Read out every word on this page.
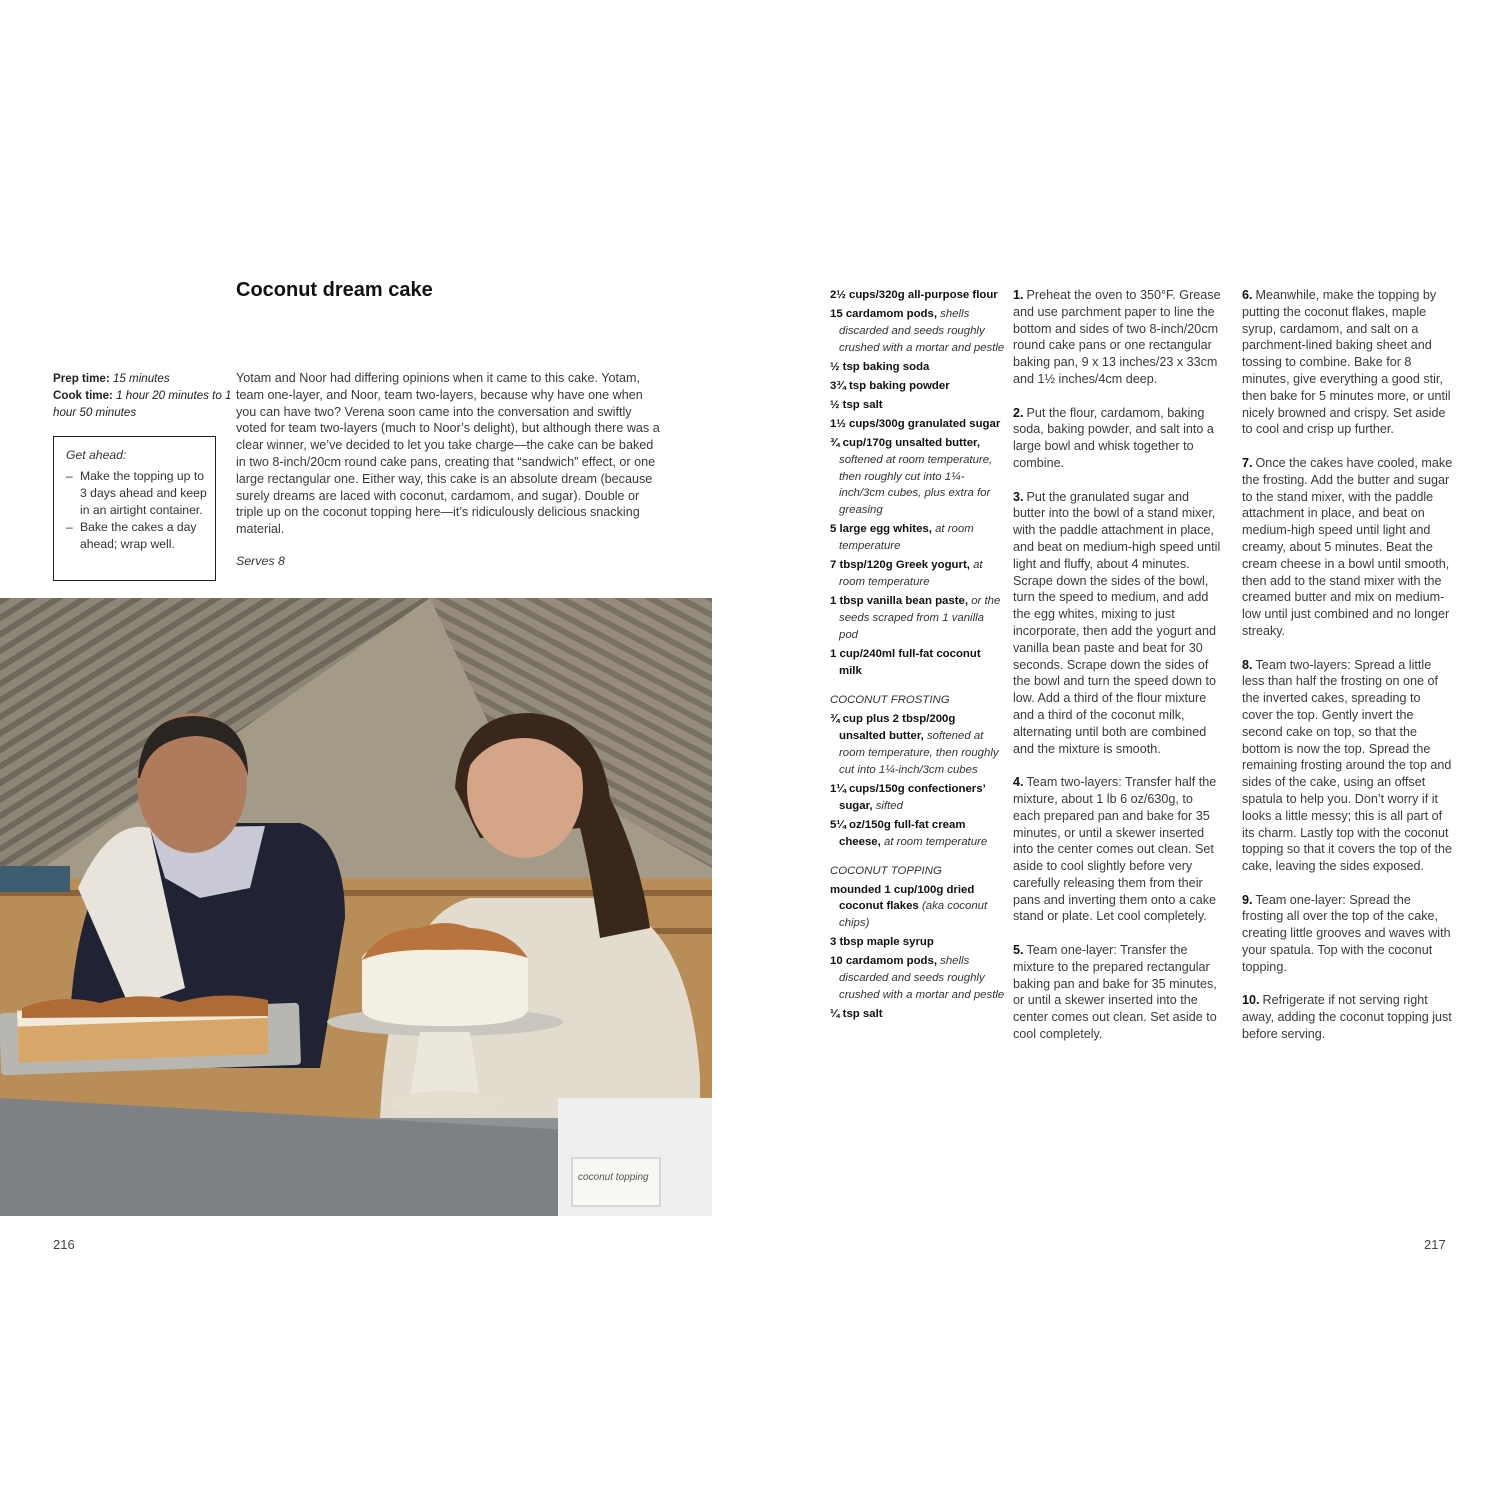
Coconut dream cake
Prep time: 15 minutes
Cook time: 1 hour 20 minutes to 1 hour 50 minutes
Get ahead:
– Make the topping up to 3 days ahead and keep in an airtight container.
– Bake the cakes a day ahead; wrap well.

Yotam and Noor had differing opinions when it came to this cake. Yotam, team one-layer, and Noor, team two-layers, because why have one when you can have two? Verena soon came into the conversation and swiftly voted for team two-layers (much to Noor’s delight), but although there was a clear winner, we’ve decided to let you take charge—the cake can be baked in two 8-inch/20cm round cake pans, creating that “sandwich” effect, or one large rectangular one. Either way, this cake is an absolute dream (because surely dreams are laced with coconut, cardamom, and sugar). Double or triple up on the coconut topping here—it’s ridiculously delicious snacking material.

Serves 8
coconut topping
216	217
2½ cups/320g all-purpose flour
15 cardamom pods, shells discarded and seeds roughly crushed with a mortar and pestle
½ tsp baking soda
3¾ tsp baking powder
½ tsp salt
1½ cups/300g granulated sugar
¾ cup/170g unsalted butter, softened at room temperature, then roughly cut into 1¼-inch/3cm cubes, plus extra for greasing
5 large egg whites, at room temperature
7 tbsp/120g Greek yogurt, at room temperature
1 tbsp vanilla bean paste, or the seeds scraped from 1 vanilla pod
1 cup/240ml full-fat coconut milk
COCONUT FROSTING
¾ cup plus 2 tbsp/200g unsalted butter, softened at room temperature, then roughly cut into 1¼-inch/3cm cubes
1¼ cups/150g confectioners’ sugar, sifted
5¼ oz/150g full-fat cream cheese, at room temperature
COCONUT TOPPING
mounded 1 cup/100g dried coconut flakes (aka coconut chips)
3 tbsp maple syrup
10 cardamom pods, shells discarded and seeds roughly crushed with a mortar and pestle
¼ tsp salt

1. Preheat the oven to 350°F. Grease and use parchment paper to line the bottom and sides of two 8-inch/20cm round cake pans or one rectangular baking pan, 9 x 13 inches/23 x 33cm and 1½ inches/4cm deep.

2. Put the flour, cardamom, baking soda, baking powder, and salt into a large bowl and whisk together to combine.

3. Put the granulated sugar and butter into the bowl of a stand mixer, with the paddle attachment in place, and beat on medium-high speed until light and fluffy, about 4 minutes. Scrape down the sides of the bowl, turn the speed to medium, and add the egg whites, mixing to just incorporate, then add the yogurt and vanilla bean paste and beat for 30 seconds. Scrape down the sides of the bowl and turn the speed down to low. Add a third of the flour mixture and a third of the coconut milk, alternating until both are combined and the mixture is smooth.

4. Team two-layers: Transfer half the mixture, about 1 lb 6 oz/630g, to each prepared pan and bake for 35 minutes, or until a skewer inserted into the center comes out clean. Set aside to cool slightly before very carefully releasing them from their pans and inverting them onto a cake stand or plate. Let cool completely.

5. Team one-layer: Transfer the mixture to the prepared rectangular baking pan and bake for 35 minutes, or until a skewer inserted into the center comes out clean. Set aside to cool completely.

6. Meanwhile, make the topping by putting the coconut flakes, maple syrup, cardamom, and salt on a parchment-lined baking sheet and tossing to combine. Bake for 8 minutes, give everything a good stir, then bake for 5 minutes more, or until nicely browned and crispy. Set aside to cool and crisp up further.

7. Once the cakes have cooled, make the frosting. Add the butter and sugar to the stand mixer, with the paddle attachment in place, and beat on medium-high speed until light and creamy, about 5 minutes. Beat the cream cheese in a bowl until smooth, then add to the stand mixer with the creamed butter and mix on medium-low until just combined and no longer streaky.

8. Team two-layers: Spread a little less than half the frosting on one of the inverted cakes, spreading to cover the top. Gently invert the second cake on top, so that the bottom is now the top. Spread the remaining frosting around the top and sides of the cake, using an offset spatula to help you. Don’t worry if it looks a little messy; this is all part of its charm. Lastly top with the coconut topping so that it covers the top of the cake, leaving the sides exposed.

9. Team one-layer: Spread the frosting all over the top of the cake, creating little grooves and waves with your spatula. Top with the coconut topping.

10. Refrigerate if not serving right away, adding the coconut topping just before serving.
